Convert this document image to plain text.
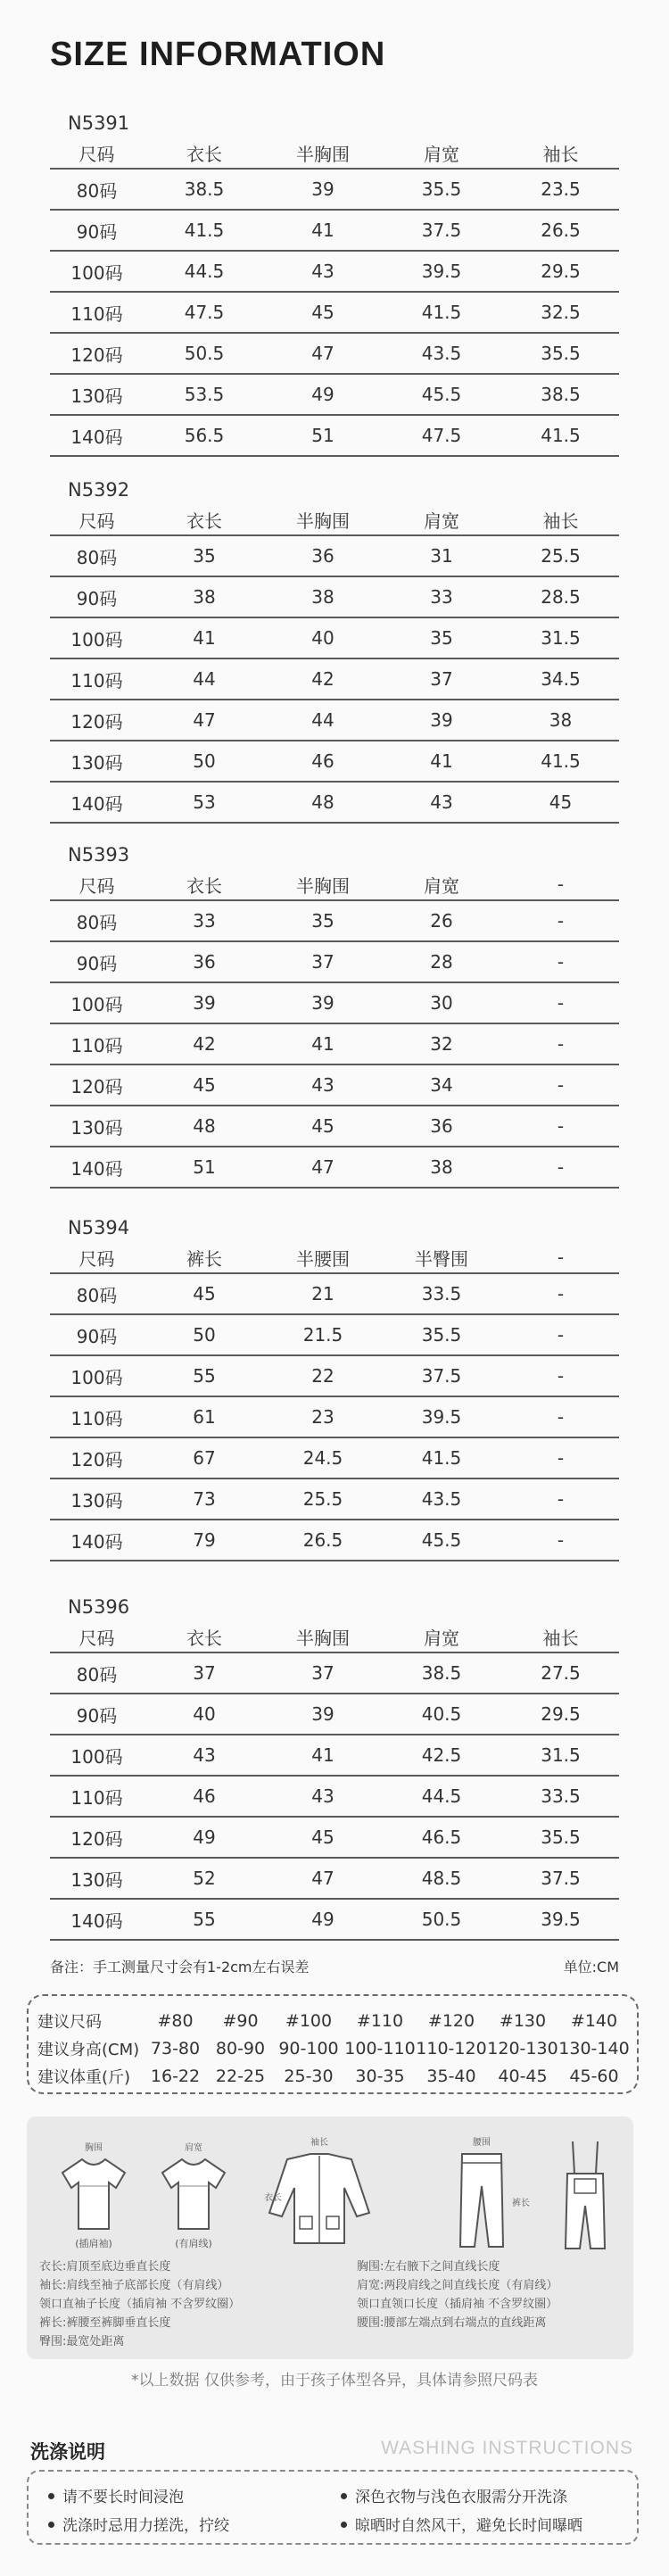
SIZE INFORMATION
N5391
尺码	衣长	半胸围	肩宽	袖长
80码	38.5	39	35.5	23.5
90码	41.5	41	37.5	26.5
100码	44.5	43	39.5	29.5
110码	47.5	45	41.5	32.5
120码	50.5	47	43.5	35.5
130码	53.5	49	45.5	38.5
140码	56.5	51	47.5	41.5
N5392
尺码	衣长	半胸围	肩宽	袖长
80码	35	36	31	25.5
90码	38	38	33	28.5
100码	41	40	35	31.5
110码	44	42	37	34.5
120码	47	44	39	38
130码	50	46	41	41.5
140码	53	48	43	45
N5393
尺码	衣长	半胸围	肩宽	-
80码	33	35	26	-
90码	36	37	28	-
100码	39	39	30	-
110码	42	41	32	-
120码	45	43	34	-
130码	48	45	36	-
140码	51	47	38	-
N5394
尺码	裤长	半腰围	半臀围	-
80码	45	21	33.5	-
90码	50	21.5	35.5	-
100码	55	22	37.5	-
110码	61	23	39.5	-
120码	67	24.5	41.5	-
130码	73	25.5	43.5	-
140码	79	26.5	45.5	-
N5396
尺码	衣长	半胸围	肩宽	袖长
80码	37	37	38.5	27.5
90码	40	39	40.5	29.5
100码	43	41	42.5	31.5
110码	46	43	44.5	33.5
120码	49	45	46.5	35.5
130码	52	47	48.5	37.5
140码	55	49	50.5	39.5
备注：手工测量尺寸会有1-2cm左右误差	单位:CM
建议尺码	#80	#90	#100	#110	#120	#130	#140
建议身高(CM) 73-80 80-90 90-100 100-110 110-120 120-130 130-140
建议体重(斤)	16-22 22-25	25-30	30-35	35-40	40-45	45-60
胸围
(插肩袖)
肩宽
(有肩线)
袖长
衣长
腰围
裤长
衣长:肩顶至底边垂直长度
袖长:肩线至袖子底部长度（有肩线）
领口直袖子长度（插肩袖 不含罗纹圈）
裤长:裤腰至裤脚垂直长度
臀围:最宽处距离
胸围:左右腋下之间直线长度
肩宽:两段肩线之间直线长度（有肩线）
领口直领口长度（插肩袖 不含罗纹圈）
腰围:腰部左端点到右端点的直线距离
*以上数据 仅供参考，由于孩子体型各异，具体请参照尺码表
洗涤说明	WASHING INSTRUCTIONS
请不要长时间浸泡	深色衣物与浅色衣服需分开洗涤
洗涤时忌用力搓洗，拧绞	晾晒时自然风干，避免长时间曝晒
